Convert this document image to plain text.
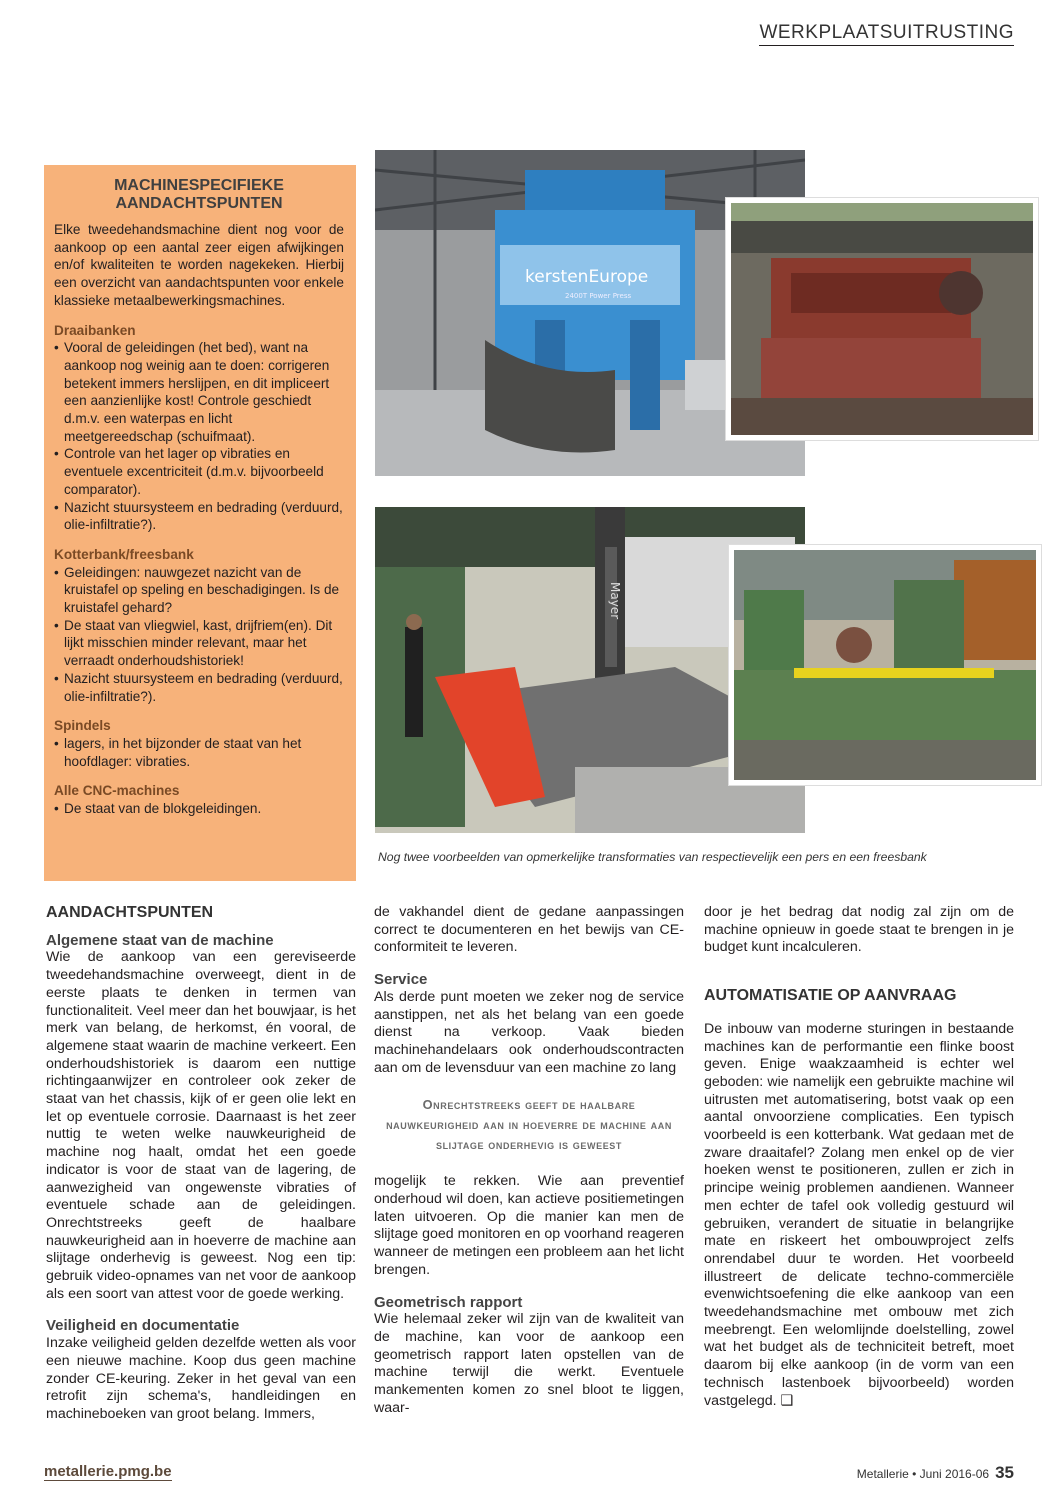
WERKPLAATSUITRUSTING
MACHINESPECIFIEKE
AANDACHTSPUNTEN

Elke tweedehandsmachine dient nog voor de aankoop op een aantal zeer eigen afwijkingen en/of kwaliteiten te worden nagekeken. Hierbij een overzicht van aandachtspunten voor enkele klassieke metaalbewerkingsmachines.

Draaibanken
• Vooral de geleidingen (het bed), want na aankoop nog weinig aan te doen: corrigeren betekent immers herslijpen, en dit impliceert een aanzienlijke kost! Controle geschiedt d.m.v. een waterpas en licht meetgereedschap (schuifmaat).
• Controle van het lager op vibraties en eventuele excentriciteit (d.m.v. bijvoorbeeld comparator).
• Nazicht stuursysteem en bedrading (verduurd, olie-infiltratie?).
Kotterbank/freesbank
• Geleidingen: nauwgezet nazicht van de kruistafel op speling en beschadigingen. Is de kruistafel gehard?
• De staat van vliegwiel, kast, drijfriem(en). Dit lijkt misschien minder relevant, maar het verraadt onderhoudshistoriek!
• Nazicht stuursysteem en bedrading (verduurd, olie-infiltratie?).
Spindels
• lagers, in het bijzonder de staat van het hoofdlager: vibraties.
Alle CNC-machines
• De staat van de blokgeleidingen.
kerstenEurope
2400T Power Press
Mayer
Nog twee voorbeelden van opmerkelijke transformaties van respectievelijk een pers en een freesbank
AANDACHTSPUNTEN
Algemene staat van de machine

Wie de aankoop van een gereviseerde tweedehandsmachine overweegt, dient in de eerste plaats te denken in termen van functionaliteit. Veel meer dan het bouwjaar, is het merk van belang, de herkomst, én vooral, de algemene staat waarin de machine verkeert. Een onderhoudshistoriek is daarom een nuttige richtingaanwijzer en controleer ook zeker de staat van het chassis, kijk of er geen olie lekt en let op eventuele corrosie. Daarnaast is het zeer nuttig te weten welke nauwkeurigheid de machine nog haalt, omdat het een goede indicator is voor de staat van de lagering, de aanwezigheid van ongewenste vibraties of eventuele schade aan de geleidingen. Onrechtstreeks geeft de haalbare nauwkeurigheid aan in hoeverre de machine aan slijtage onderhevig is geweest. Nog een tip: gebruik video-opnames van net voor de aankoop als een soort van attest voor de goede werking.

Veiligheid en documentatie

Inzake veiligheid gelden dezelfde wetten als voor een nieuwe machine. Koop dus geen machine zonder CE-keuring. Zeker in het geval van een retrofit zijn schema's, handleidingen en machineboeken van groot belang. Immers,

de vakhandel dient de gedane aanpassingen correct te documenteren en het bewijs van CE-conformiteit te leveren.

Service

Als derde punt moeten we zeker nog de service aanstippen, net als het belang van een goede dienst na verkoop. Vaak bieden machinehandelaars ook onderhoudscontracten aan om de levensduur van een machine zo lang

Onrechtstreeks geeft de haalbare nauwkeurigheid aan in hoeverre de machine aan slijtage onderhevig is geweest

mogelijk te rekken. Wie aan preventief onderhoud wil doen, kan actieve positiemetingen laten uitvoeren. Op die manier kan men de slijtage goed monitoren en op voorhand reageren wanneer de metingen een probleem aan het licht brengen.

Geometrisch rapport

Wie helemaal zeker wil zijn van de kwaliteit van de machine, kan voor de aankoop een geometrisch rapport laten opstellen van de machine terwijl die werkt. Eventuele mankementen komen zo snel bloot te liggen, waar-

door je het bedrag dat nodig zal zijn om de machine opnieuw in goede staat te brengen in je budget kunt incalculeren.

AUTOMATISATIE OP AANVRAAG

De inbouw van moderne sturingen in bestaande machines kan de performantie een flinke boost geven. Enige waakzaamheid is echter wel geboden: wie namelijk een gebruikte machine wil uitrusten met automatisering, botst vaak op een aantal onvoorziene complicaties. Een typisch voorbeeld is een kotterbank. Wat gedaan met de zware draaitafel? Zolang men enkel op de vier hoeken wenst te positioneren, zullen er zich in principe weinig problemen aandienen. Wanneer men echter de tafel ook volledig gestuurd wil gebruiken, verandert de situatie in belangrijke mate en riskeert het ombouwproject zelfs onrendabel duur te worden. Het voorbeeld illustreert de delicate techno-commerciële evenwichtsoefening die elke aankoop van een tweedehandsmachine met ombouw met zich meebrengt. Een welomlijnde doelstelling, zowel wat het budget als de techniciteit betreft, moet daarom bij elke aankoop (in de vorm van een technisch lastenboek bijvoorbeeld) worden vastgelegd. ❑

metallerie.pmg.be	Metallerie • Juni 2016-06 35
